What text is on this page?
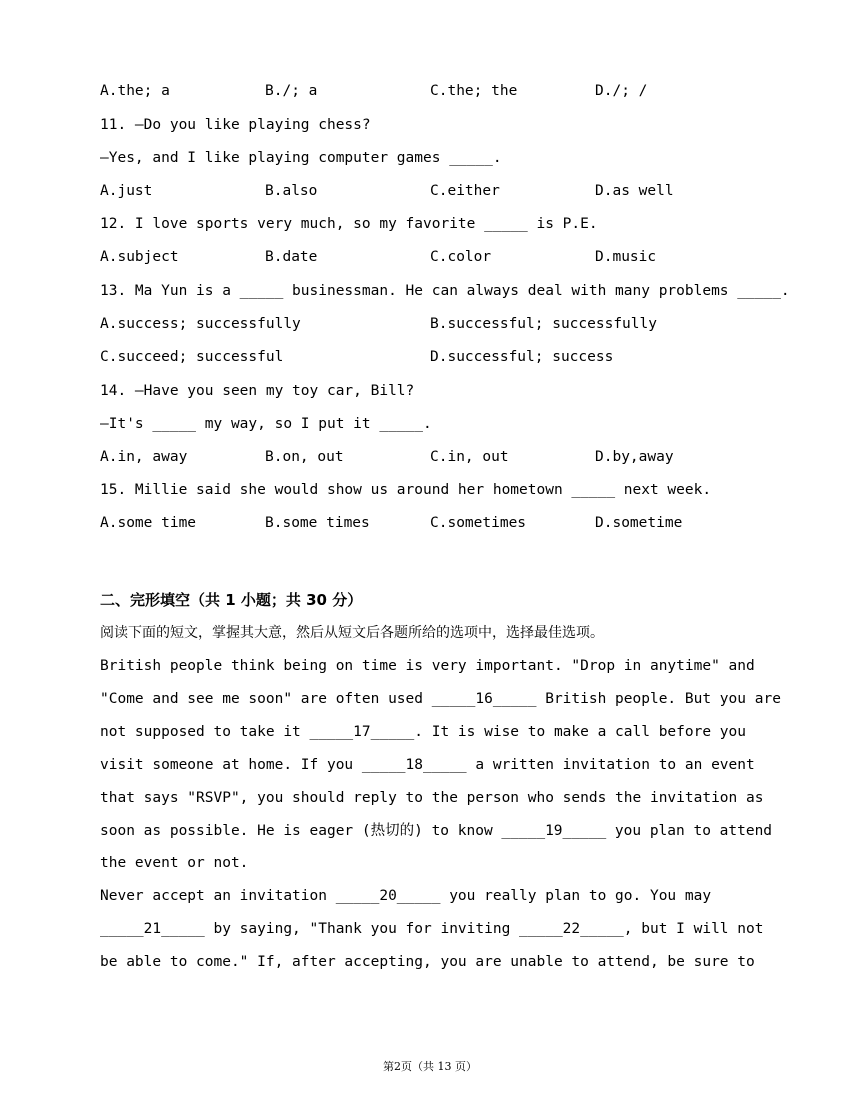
A.the; a	B./; a	C.the; the	D./; /
11. —Do you like playing chess?
—Yes, and I like playing computer games _____.
A.just	B.also	C.either	D.as well
12. I love sports very much, so my favorite _____ is P.E.
A.subject	B.date	C.color	D.music
13. Ma Yun is a _____ businessman. He can always deal with many problems _____.
A.success; successfully	B.successful; successfully
C.succeed; successful	D.successful; success
14. —Have you seen my toy car, Bill?
—It's _____ my way, so I put it _____.
A.in, away	B.on, out	C.in, out	D.by,away
15. Millie said she would show us around her hometown _____ next week.
A.some time	B.some times	C.sometimes	D.sometime
二、完形填空（共 1 小题；共 30 分）
阅读下面的短文，掌握其大意，然后从短文后各题所给的选项中，选择最佳选项。
British people think being on time is very important. "Drop in anytime" and
"Come and see me soon" are often used _____16_____ British people. But you are
not supposed to take it _____17_____. It is wise to make a call before you
visit someone at home. If you _____18_____ a written invitation to an event
that says "RSVP", you should reply to the person who sends the invitation as
soon as possible. He is eager (热切的) to know _____19_____ you plan to attend
the event or not.
Never accept an invitation _____20_____ you really plan to go. You may
_____21_____ by saying, "Thank you for inviting _____22_____, but I will not
be able to come." If, after accepting, you are unable to attend, be sure to
第2页（共 13 页）
